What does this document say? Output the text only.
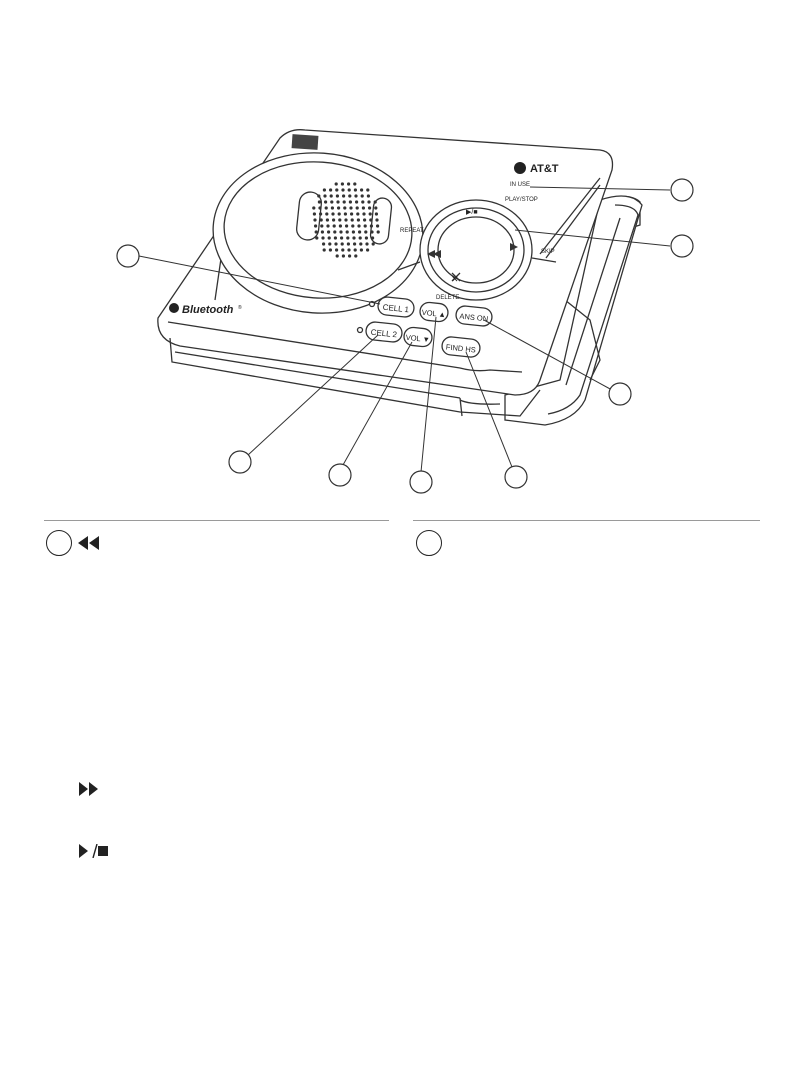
CELL 1
CELL 2
VOL ▲
VOL ▼
ANS ON
FIND HS
AT&T
IN USE
PLAY/STOP
▶/■
REPEAT
SKIP
DELETE
✕
Bluetooth ®
